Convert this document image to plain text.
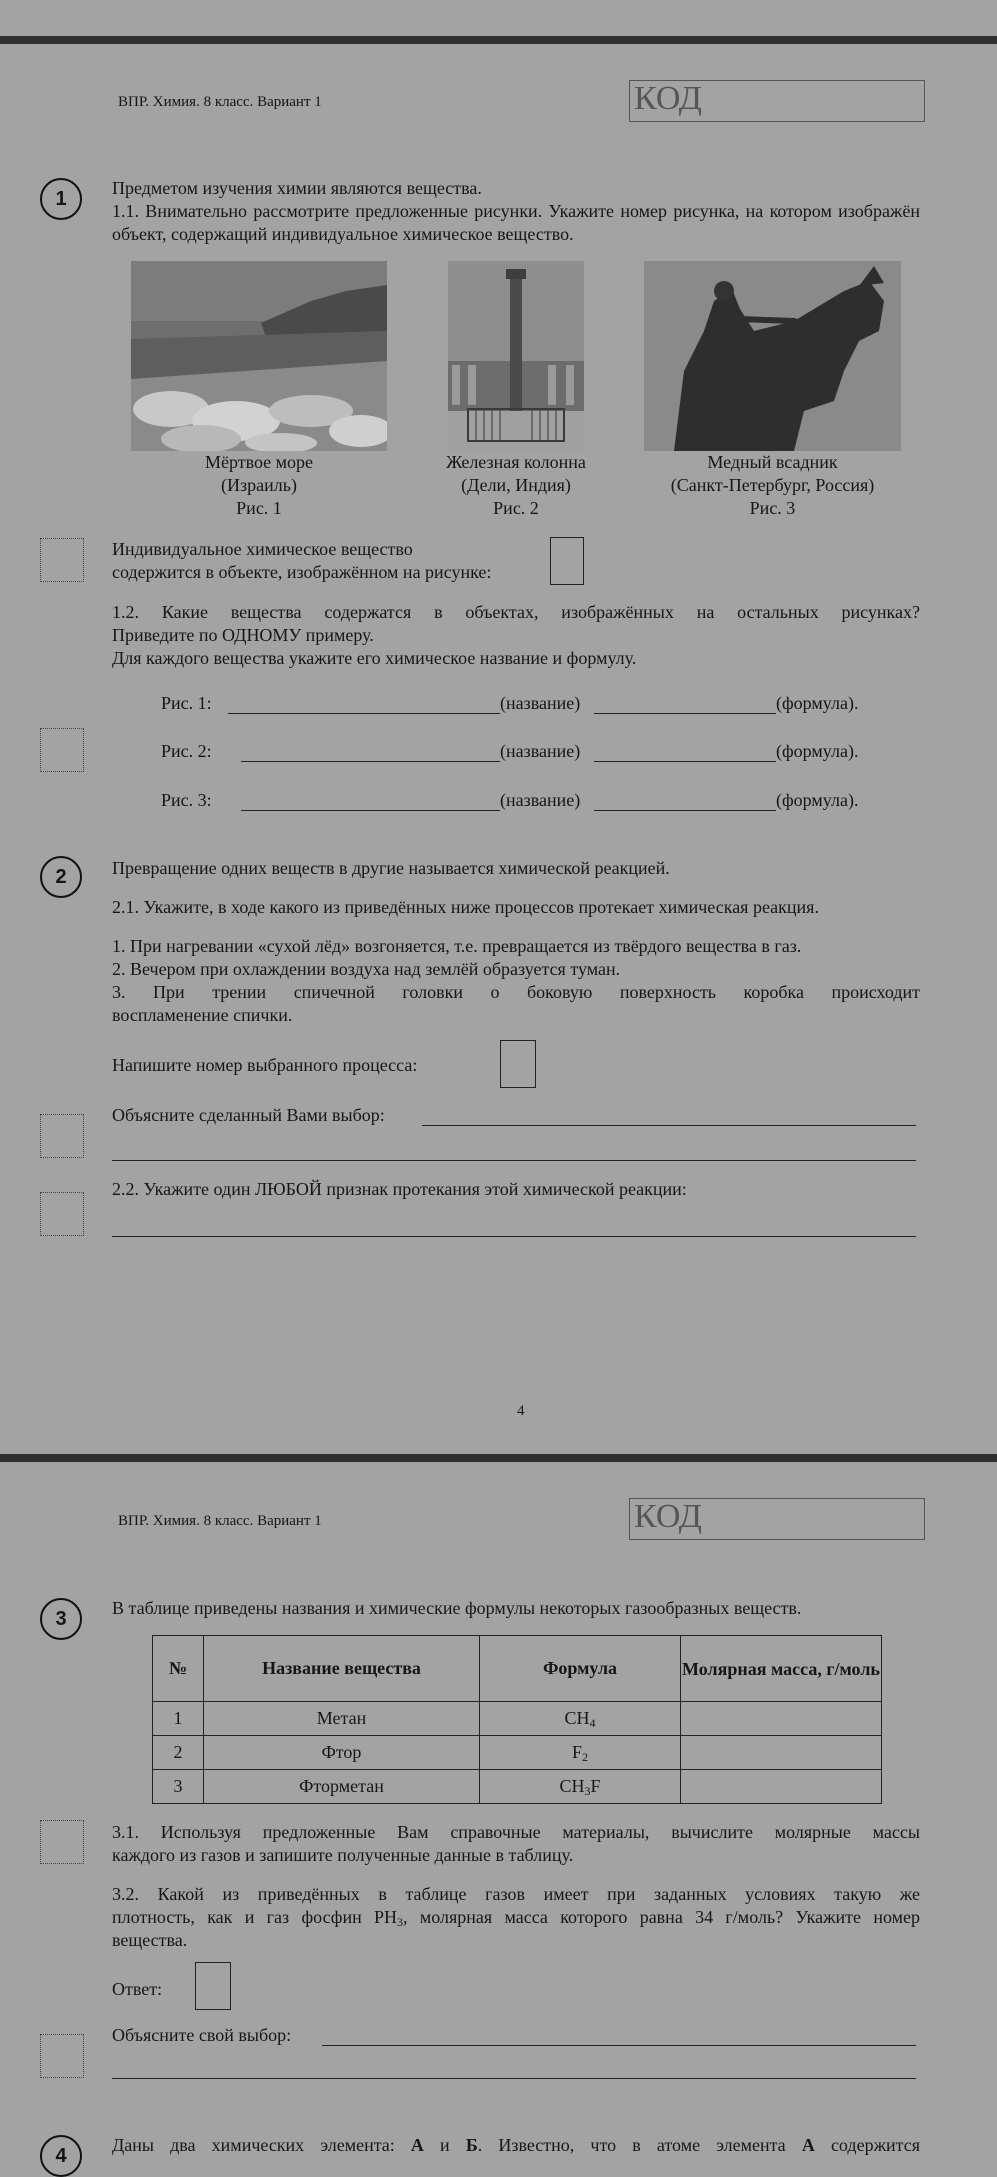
ВПР. Химия. 8 класс. Вариант 1	КОД
1	Предметом изучения химии являются вещества.
1.1. Внимательно рассмотрите предложенные рисунки. Укажите номер рисунка, на котором изображён объект, содержащий индивидуальное химическое вещество.
Мёртвое море
(Израиль)
Рис. 1
Железная колонна
(Дели, Индия)
Рис. 2
Медный всадник
(Санкт-Петербург, Россия)
Рис. 3
Индивидуальное химическое вещество
содержится в объекте, изображённом на рисунке:
1.2. Какие вещества содержатся в объектах, изображённых на остальных рисунках?
Приведите по ОДНОМУ примеру.
Для каждого вещества укажите его химическое название и формулу.
Рис. 1:	(название)	(формула).
Рис. 2:	(название)	(формула).
Рис. 3:	(название)	(формула).
2	Превращение одних веществ в другие называется химической реакцией.
2.1. Укажите, в ходе какого из приведённых ниже процессов протекает химическая реакция.
1. При нагревании «сухой лёд» возгоняется, т.е. превращается из твёрдого вещества в газ.
2. Вечером при охлаждении воздуха над землёй образуется туман.
3. При трении спичечной головки о боковую поверхность коробка происходит
воспламенение спички.
Напишите номер выбранного процесса:
Объясните сделанный Вами выбор:
2.2. Укажите один ЛЮБОЙ признак протекания этой химической реакции:
4
ВПР. Химия. 8 класс. Вариант 1	КОД
3	В таблице приведены названия и химические формулы некоторых газообразных веществ.
№	Название вещества	Формула	Молярная масса, г/моль
1	Метан	$CH_4$	
2	Фтор	$F_2$	
3	Фторметан	$CH_3F$	
3.1. Используя предложенные Вам справочные материалы, вычислите молярные массы
каждого из газов и запишите полученные данные в таблицу.
3.2. Какой из приведённых в таблице газов имеет при заданных условиях такую же
плотность, как и газ фосфин $PH_3$, молярная масса которого равна 34 г/моль? Укажите номер
вещества.
Ответ:
Объясните свой выбор:
4	Даны два химических элемента: А и Б. Известно, что в атоме элемента А содержится
